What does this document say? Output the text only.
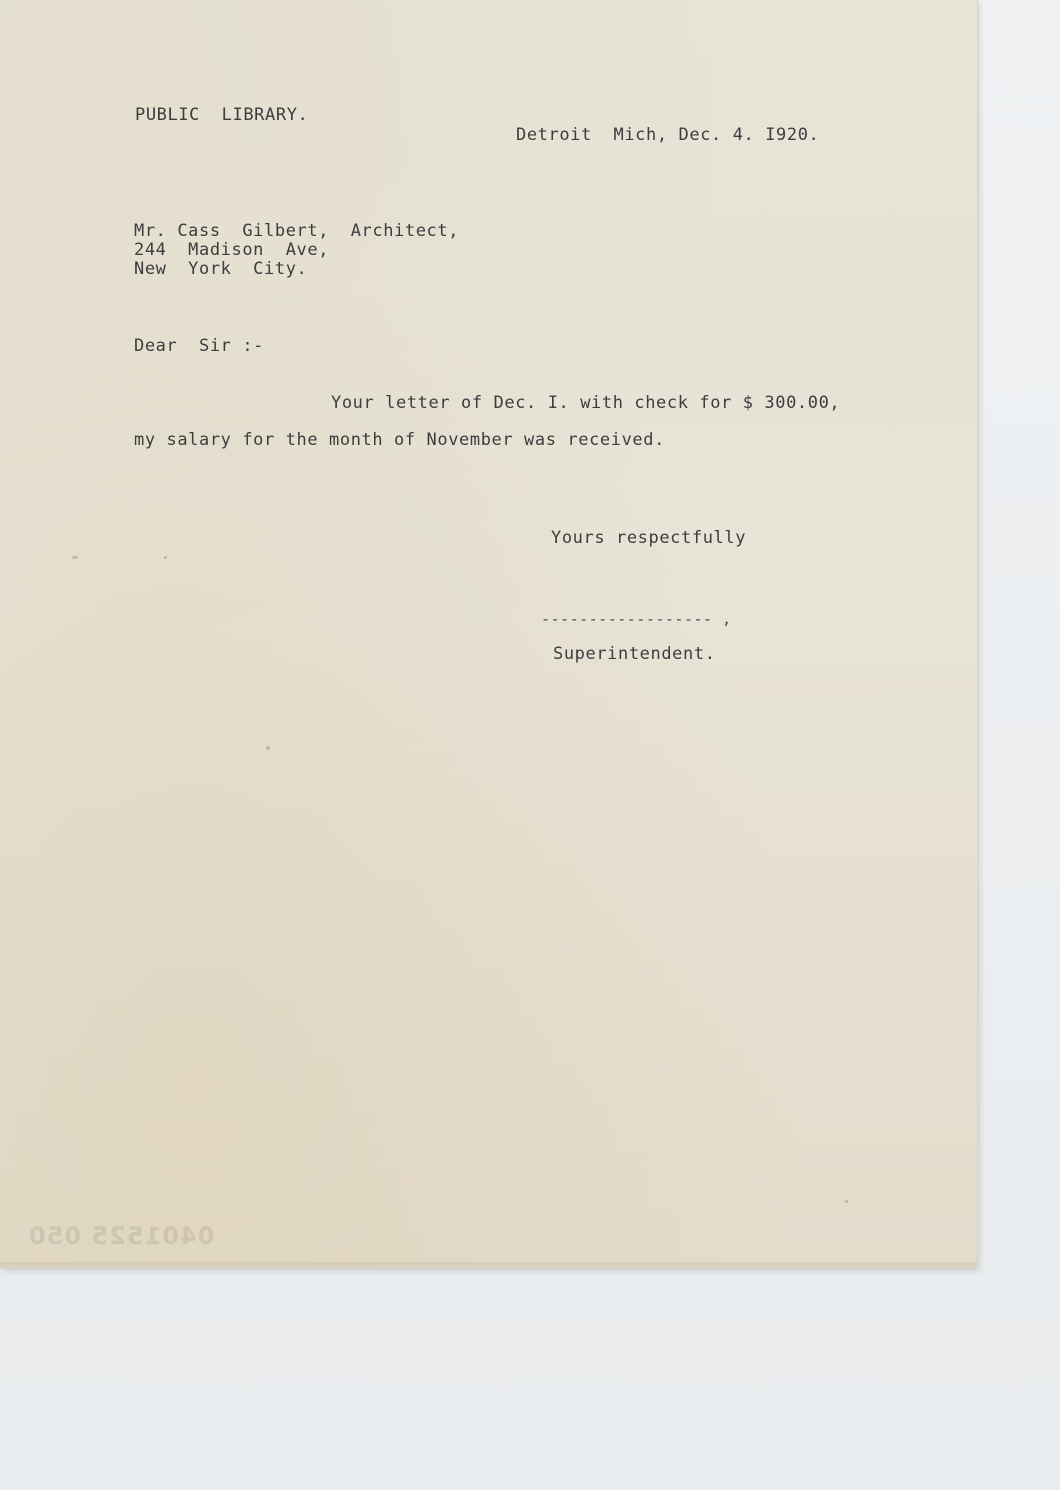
PUBLIC  LIBRARY.
Detroit  Mich, Dec. 4. I920.
Mr. Cass  Gilbert,  Architect,
244  Madison  Ave,
New  York  City.
Dear  Sir :-
Your letter of Dec. I. with check for $ 300.00,
my salary for the month of November was received.
Yours respectfully
------------------ ,
Superintendent.
0401525 050
